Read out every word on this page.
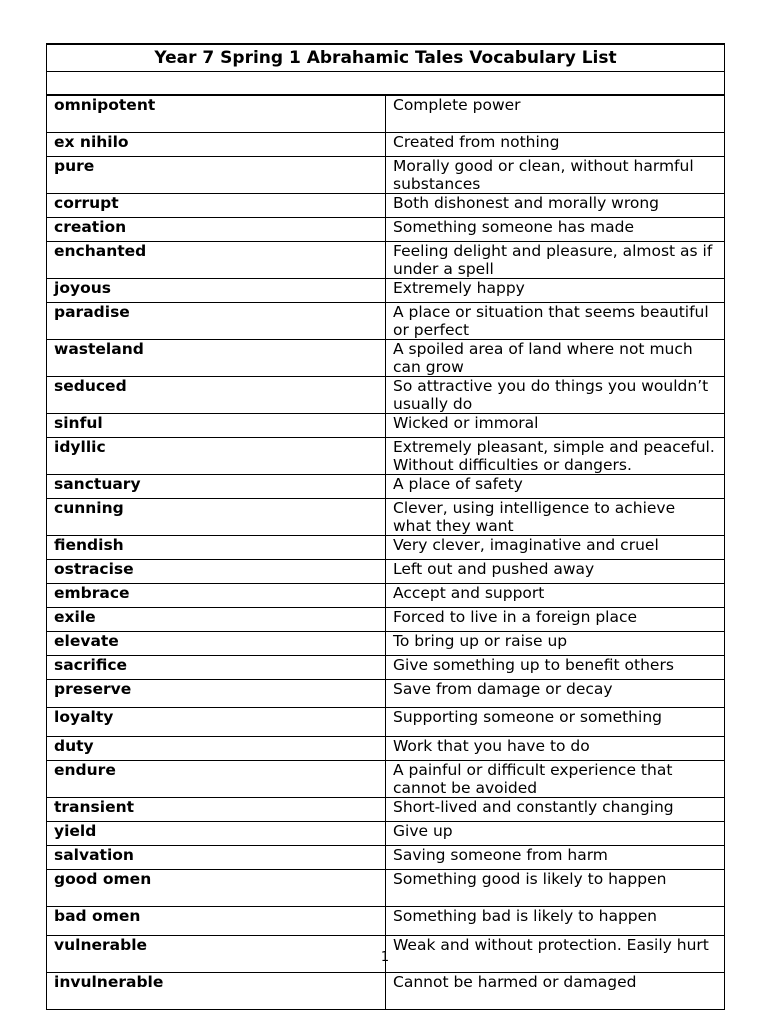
Year 7 Spring 1 Abrahamic Tales Vocabulary List	

omnipotent	Complete power
ex nihilo	Created from nothing
pure	Morally good or clean, without harmful substances
corrupt	Both dishonest and morally wrong
creation	Something someone has made
enchanted	Feeling delight and pleasure, almost as if under a spell
joyous	Extremely happy
paradise	A place or situation that seems beautiful or perfect
wasteland	A spoiled area of land where not much can grow
seduced	So attractive you do things you wouldn’t usually do
sinful	Wicked or immoral
idyllic	Extremely pleasant, simple and peaceful. Without difficulties or dangers.
sanctuary	A place of safety
cunning	Clever, using intelligence to achieve what they want
fiendish	Very clever, imaginative and cruel
ostracise	Left out and pushed away
embrace	Accept and support
exile	Forced to live in a foreign place
elevate	To bring up or raise up
sacrifice	Give something up to benefit others
preserve	Save from damage or decay
loyalty	Supporting someone or something
duty	Work that you have to do
endure	A painful or difficult experience that cannot be avoided
transient	Short-lived and constantly changing
yield	Give up
salvation	Saving someone from harm
good omen	Something good is likely to happen
bad omen	Something bad is likely to happen
vulnerable	Weak and without protection. Easily hurt
invulnerable	Cannot be harmed or damaged
1
